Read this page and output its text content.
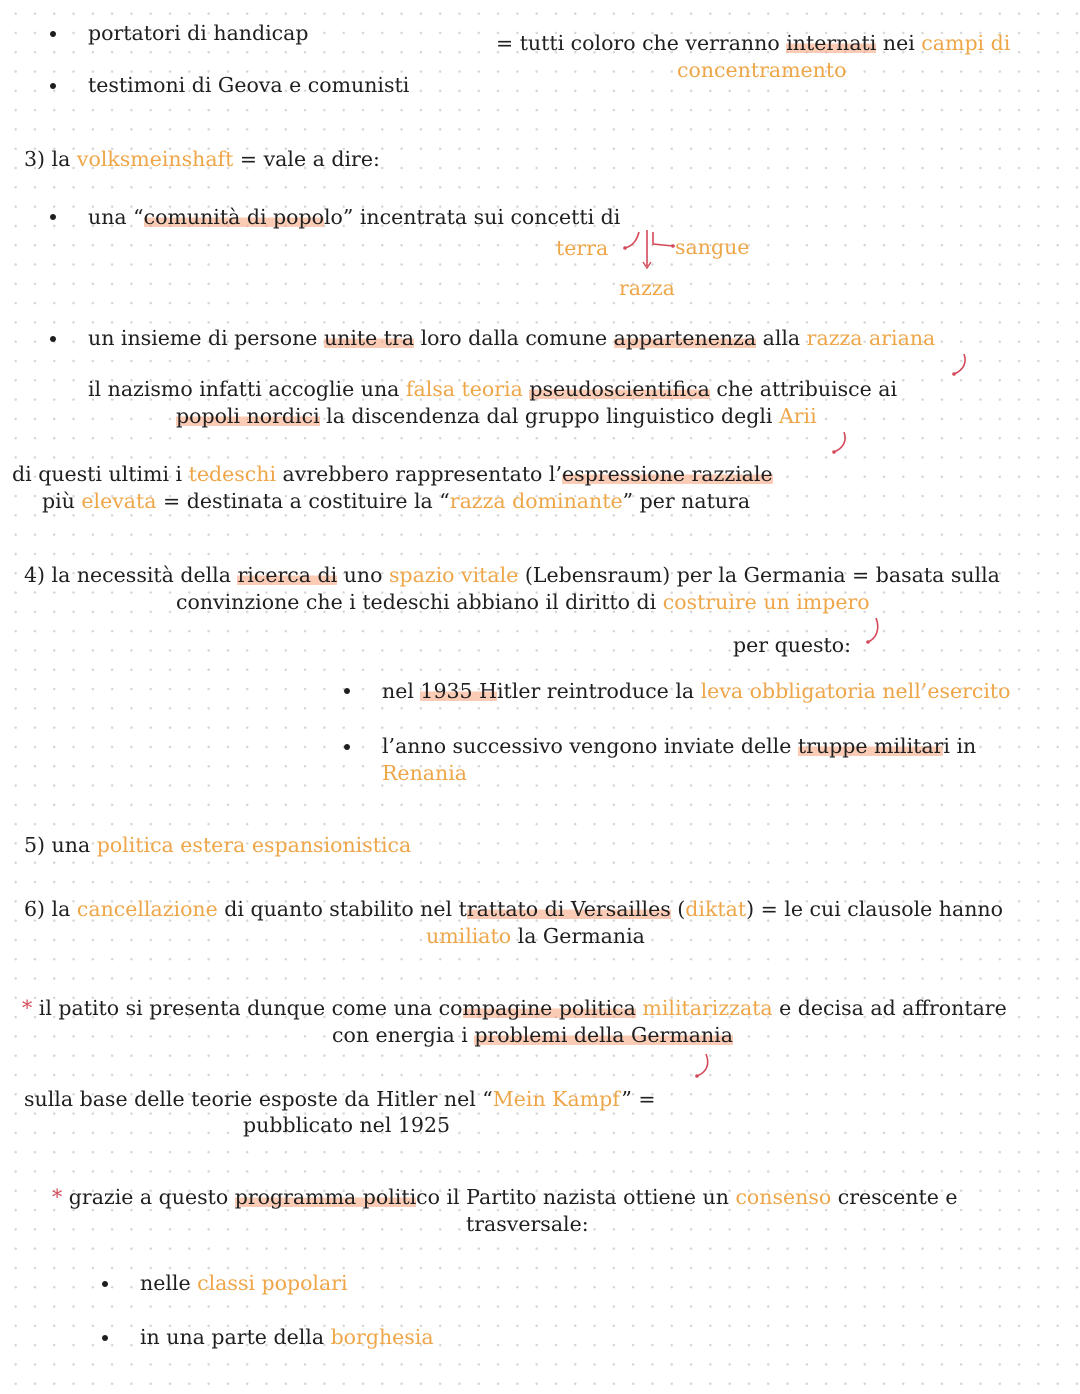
portatori di handicap
testimoni di Geova e comunisti
= tutti coloro che verranno internati nei campi di
concentramento
3) la volksmeinshaft = vale a dire:
una “comunità di popolo” incentrata sui concetti di
terra	sangue
razza
un insieme di persone unite tra loro dalla comune appartenenza alla razza ariana
il nazismo infatti accoglie una falsa teoria pseudoscientifica che attribuisce ai
popoli nordici la discendenza dal gruppo linguistico degli Arii
di questi ultimi i tedeschi avrebbero rappresentato l’espressione razziale
più elevata = destinata a costituire la “razza dominante” per natura
4) la necessità della ricerca di uno spazio vitale (Lebensraum) per la Germania = basata sulla
convinzione che i tedeschi abbiano il diritto di costruire un impero
per questo:
nel 1935 Hitler reintroduce la leva obbligatoria nell’esercito
l’anno successivo vengono inviate delle truppe militari in
Renania
5) una politica estera espansionistica
6) la cancellazione di quanto stabilito nel trattato di Versailles (diktat) = le cui clausole hanno
umiliato la Germania
* il patito si presenta dunque come una compagine politica militarizzata e decisa ad affrontare
con energia i problemi della Germania
sulla base delle teorie esposte da Hitler nel “Mein Kampf” =
pubblicato nel 1925
* grazie a questo programma politico il Partito nazista ottiene un consenso crescente e
trasversale:
nelle classi popolari
in una parte della borghesia
